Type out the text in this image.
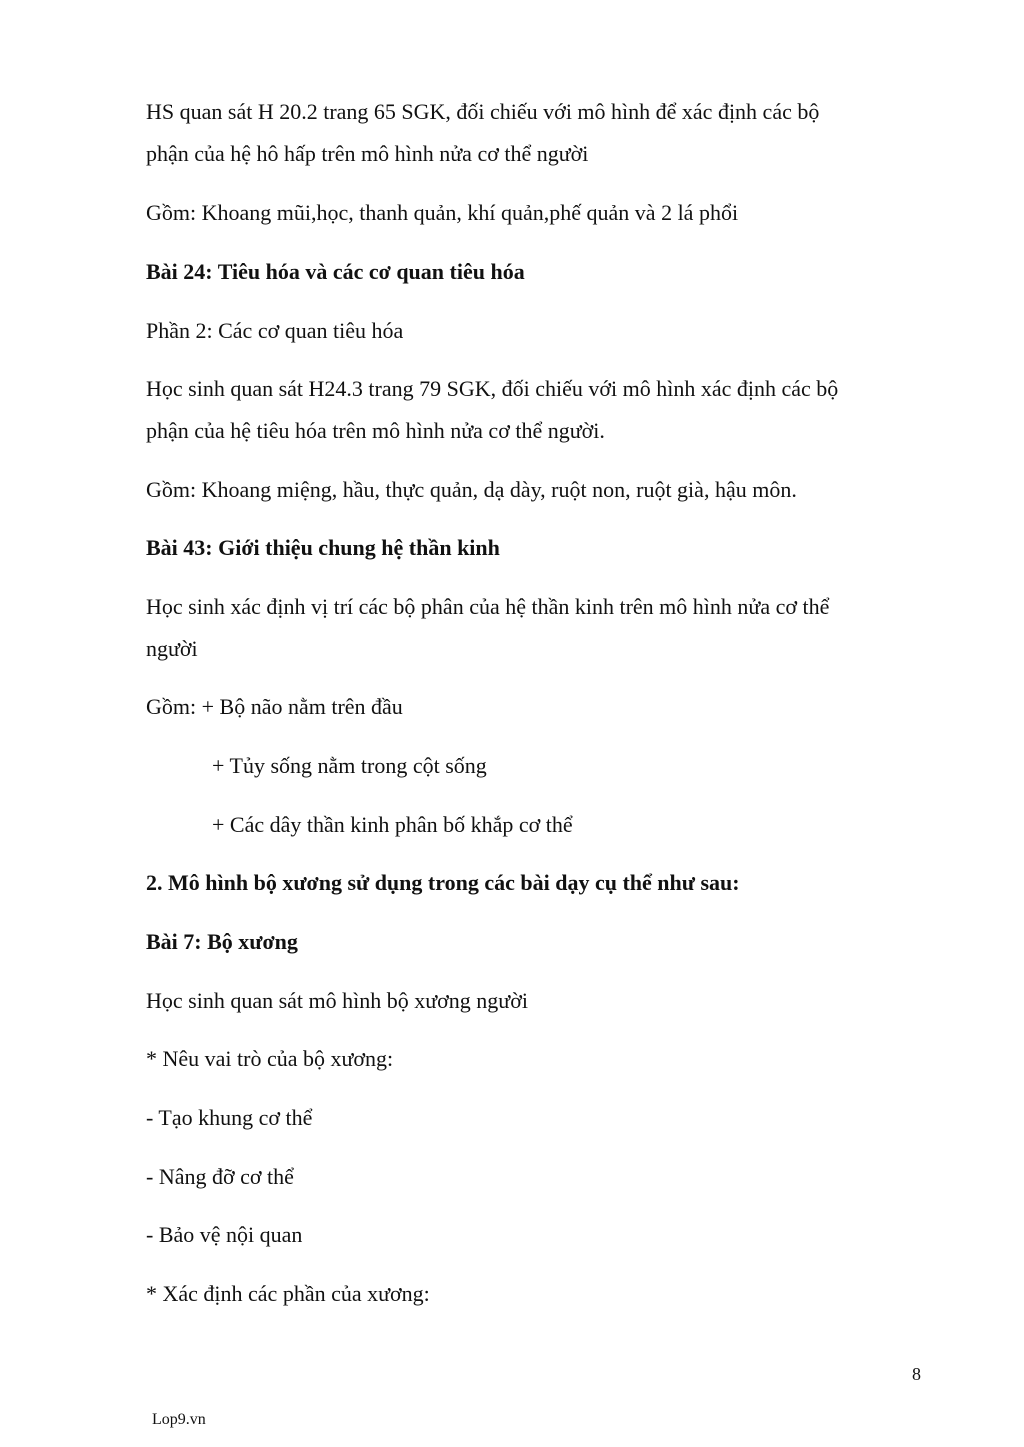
HS quan sát H 20.2 trang 65 SGK, đối chiếu với mô hình để xác định các bộ
phận của hệ hô hấp trên mô hình nửa cơ thể người
Gồm: Khoang mũi,học, thanh quản, khí quản,phế quản và 2 lá phổi
Bài 24: Tiêu hóa và các cơ quan tiêu hóa
Phần 2: Các cơ quan tiêu hóa
Học sinh quan sát H24.3 trang 79 SGK, đối chiếu với mô hình xác định các bộ
phận của hệ tiêu hóa trên mô hình nửa cơ thể người.
Gồm: Khoang miệng, hầu, thực quản, dạ dày, ruột non, ruột già, hậu môn.
Bài 43: Giới thiệu chung hệ thần kinh
Học sinh xác định vị trí các bộ phân của hệ thần kinh trên mô hình nửa cơ thể
người
Gồm: + Bộ não nằm trên đầu
+ Tủy sống nằm trong cột sống
+ Các dây thần kinh phân bố khắp cơ thể
2. Mô hình bộ xương sử dụng trong các bài dạy cụ thể như sau:
Bài 7: Bộ xương
Học sinh quan sát mô hình bộ xương người
* Nêu vai trò của bộ xương:
- Tạo khung cơ thể
- Nâng đỡ cơ thể
- Bảo vệ nội quan
* Xác định các phần của xương:
8
Lop9.vn
